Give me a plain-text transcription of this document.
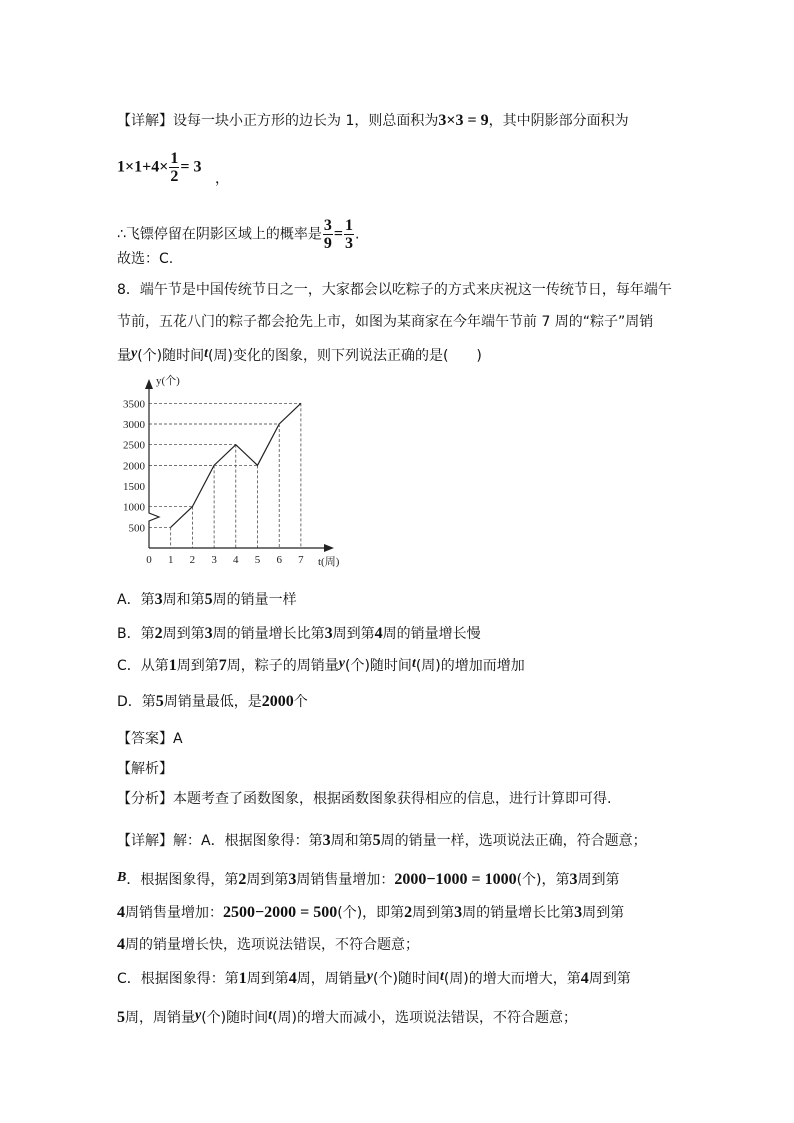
【详解】设每一块小正方形的边长为 1，则总面积为3×3 = 9，其中阴影部分面积为
$1\times 1+4\times \frac{1}{2} = 3$
，
∴飞镖停留在阴影区域上的概率是 $\frac{3}{9} = \frac{1}{3}$ .
故选：C.
8．端午节是中国传统节日之一，大家都会以吃粽子的方式来庆祝这一传统节日，每年端午
节前，五花八门的粽子都会抢先上市，如图为某商家在今年端午节前 7 周的“粽子”周销
量y(个)随时间t(周)变化的图象，则下列说法正确的是(　　)
A．第3周和第5周的销量一样
B．第2周到第3周的销量增长比第3周到第4周的销量增长慢
C．从第1周到第7周，粽子的周销量y(个)随时间t(周)的增加而增加
D．第5周销量最低，是2000个
【答案】A
【解析】
【分析】本题考查了函数图象，根据函数图象获得相应的信息，进行计算即可得.
【详解】解：A．根据图象得：第3周和第5周的销量一样，选项说法正确，符合题意；
B．根据图象得，第2周到第3周销售量增加：2000−1000 = 1000(个)，第3周到第
4周销售量增加：2500−2000 = 500(个)，即第2周到第3周的销量增长比第3周到第
4周的销量增长快，选项说法错误，不符合题意；
C．根据图象得：第1周到第4周，周销量y(个)随时间t(周)的增大而增大，第4周到第
5周，周销量y(个)随时间t(周)的增大而减小，选项说法错误，不符合题意；
500
1000
1500
2000
2500
3000
3500
1 2 3 4 5 6 7
0
y(个)
t(周)
